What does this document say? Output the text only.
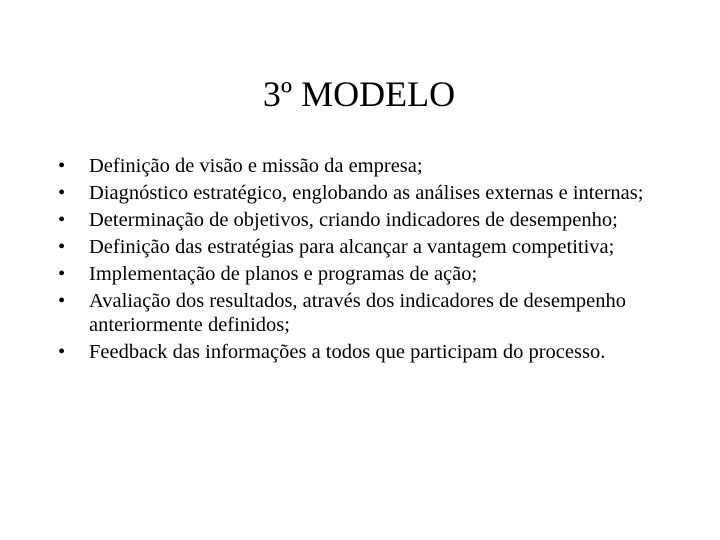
3º MODELO
•	Definição de visão e missão da empresa;
•	Diagnóstico estratégico, englobando as análises externas e internas;
•	Determinação de objetivos, criando indicadores de desempenho;
•	Definição das estratégias para alcançar a vantagem competitiva;
•	Implementação de planos e programas de ação;
•	Avaliação dos resultados, através dos indicadores de desempenho anteriormente definidos;
•	Feedback das informações a todos que participam do processo.
